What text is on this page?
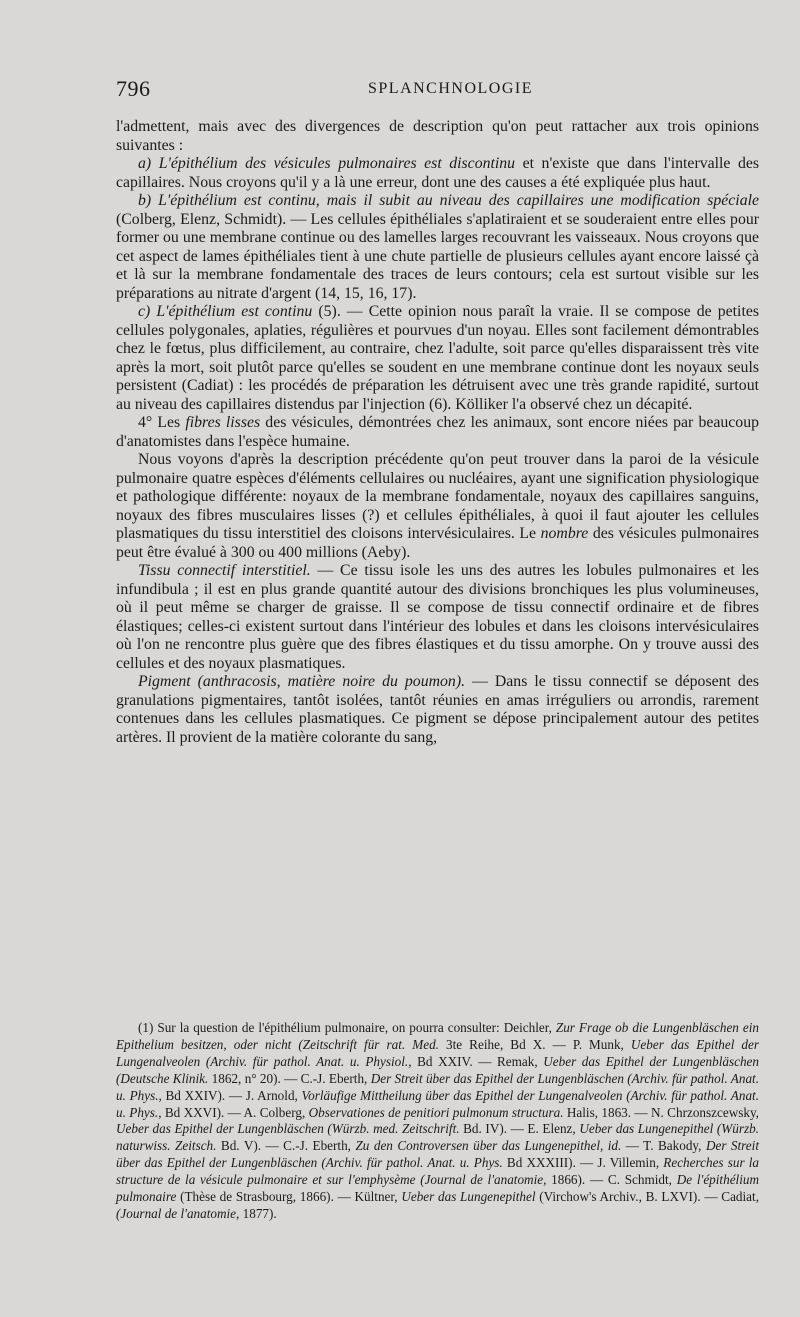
796	SPLANCHNOLOGIE

l'admettent, mais avec des divergences de description qu'on peut rattacher aux trois opinions suivantes :

a) L'épithélium des vésicules pulmonaires est discontinu et n'existe que dans l'intervalle des capillaires. Nous croyons qu'il y a là une erreur, dont une des causes a été expliquée plus haut.

b) L'épithélium est continu, mais il subit au niveau des capillaires une modification spéciale (Colberg, Elenz, Schmidt). — Les cellules épithéliales s'aplatiraient et se souderaient entre elles pour former ou une membrane continue ou des lamelles larges recouvrant les vaisseaux. Nous croyons que cet aspect de lames épithéliales tient à une chute partielle de plusieurs cellules ayant encore laissé çà et là sur la membrane fondamentale des traces de leurs contours; cela est surtout visible sur les préparations au nitrate d'argent (14, 15, 16, 17).

c) L'épithélium est continu (5). — Cette opinion nous paraît la vraie. Il se compose de petites cellules polygonales, aplaties, régulières et pourvues d'un noyau. Elles sont facilement démontrables chez le fœtus, plus difficilement, au contraire, chez l'adulte, soit parce qu'elles disparaissent très vite après la mort, soit plutôt parce qu'elles se soudent en une membrane continue dont les noyaux seuls persistent (Cadiat) : les procédés de préparation les détruisent avec une très grande rapidité, surtout au niveau des capillaires distendus par l'injection (6). Kölliker l'a observé chez un décapité.

4° Les fibres lisses des vésicules, démontrées chez les animaux, sont encore niées par beaucoup d'anatomistes dans l'espèce humaine.

Nous voyons d'après la description précédente qu'on peut trouver dans la paroi de la vésicule pulmonaire quatre espèces d'éléments cellulaires ou nucléaires, ayant une signification physiologique et pathologique différente: noyaux de la membrane fondamentale, noyaux des capillaires sanguins, noyaux des fibres musculaires lisses (?) et cellules épithéliales, à quoi il faut ajouter les cellules plasmatiques du tissu interstitiel des cloisons intervésiculaires. Le nombre des vésicules pulmonaires peut être évalué à 300 ou 400 millions (Aeby).

Tissu connectif interstitiel. — Ce tissu isole les uns des autres les lobules pulmonaires et les infundibula ; il est en plus grande quantité autour des divisions bronchiques les plus volumineuses, où il peut même se charger de graisse. Il se compose de tissu connectif ordinaire et de fibres élastiques; celles-ci existent surtout dans l'intérieur des lobules et dans les cloisons intervésiculaires où l'on ne rencontre plus guère que des fibres élastiques et du tissu amorphe. On y trouve aussi des cellules et des noyaux plasmatiques.

Pigment (anthracosis, matière noire du poumon). — Dans le tissu connectif se déposent des granulations pigmentaires, tantôt isolées, tantôt réunies en amas irréguliers ou arrondis, rarement contenues dans les cellules plasmatiques. Ce pigment se dépose principalement autour des petites artères. Il provient de la matière colorante du sang,

(1) Sur la question de l'épithélium pulmonaire, on pourra consulter: Deichler, Zur Frage ob die Lungenbläschen ein Epithelium besitzen, oder nicht (Zeitschrift für rat. Med. 3te Reihe, Bd X. — P. Munk, Ueber das Epithel der Lungenalveolen (Archiv. für pathol. Anat. u. Physiol., Bd XXIV. — Remak, Ueber das Epithel der Lungenbläschen (Deutsche Klinik. 1862, n° 20). — C.-J. Eberth, Der Streit über das Epithel der Lungenbläschen (Archiv. für pathol. Anat. u. Phys., Bd XXIV). — J. Arnold, Vorläufige Mittheilung über das Epithel der Lungenalveolen (Archiv. für pathol. Anat. u. Phys., Bd XXVI). — A. Colberg, Observationes de penitiori pulmonum structura. Halis, 1863. — N. Chrzonszcewsky, Ueber das Epithel der Lungenbläschen (Würzb. med. Zeitschrift. Bd. IV). — E. Elenz, Ueber das Lungenepithel (Würzb. naturwiss. Zeitsch. Bd. V). — C.-J. Eberth, Zu den Controversen über das Lungenepithel, id. — T. Bakody, Der Streit über das Epithel der Lungenbläschen (Archiv. für pathol. Anat. u. Phys. Bd XXXIII). — J. Villemin, Recherches sur la structure de la vésicule pulmonaire et sur l'emphysème (Journal de l'anatomie, 1866). — C. Schmidt, De l'épithélium pulmonaire (Thèse de Strasbourg, 1866). — Kültner, Ueber das Lungenepithel (Virchow's Archiv., B. LXVI). — Cadiat, (Journal de l'anatomie, 1877).
